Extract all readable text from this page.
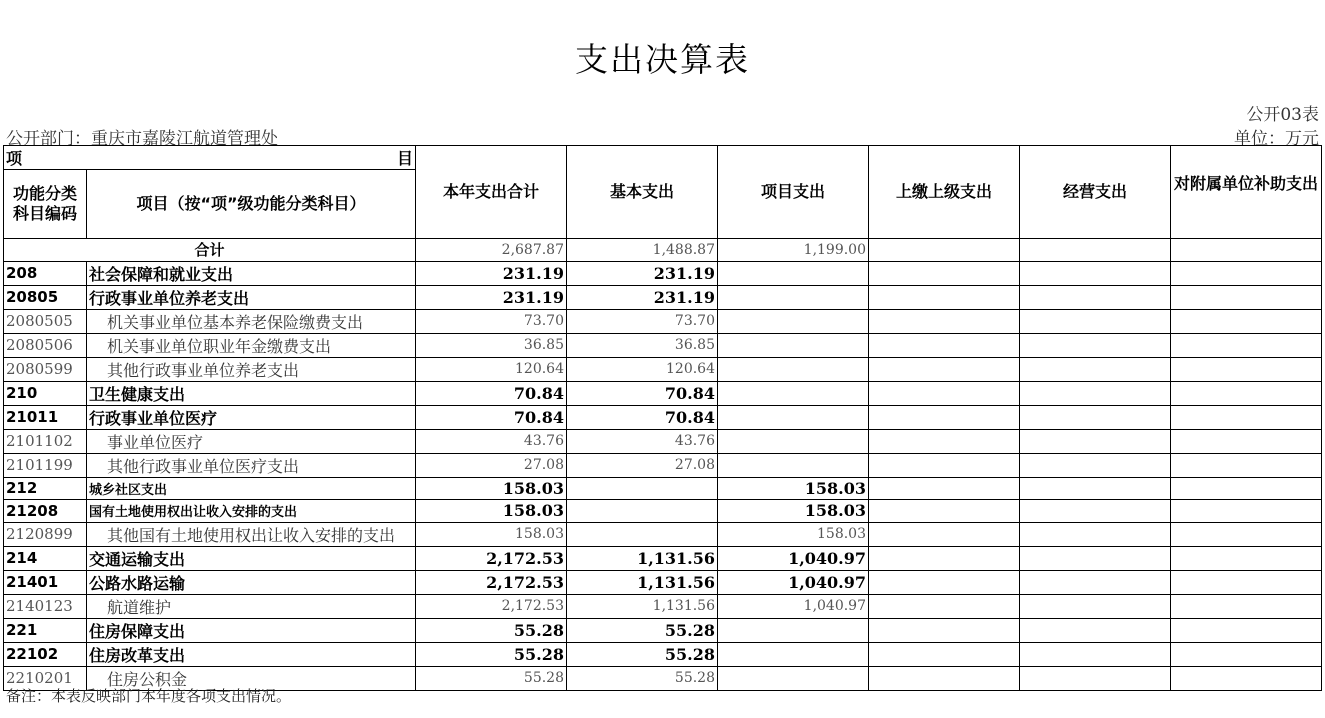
支出决算表
公开03表
公开部门：重庆市嘉陵江航道管理处	单位：万元
项 目		本年支出合计	基本支出	项目支出	上缴上级支出	经营支出	对附属单位补助支出
功能分类科目编码	项目（按“项”级功能分类科目）						
合计		2,687.87	1,488.87	1,199.00			
208	社会保障和就业支出	231.19	231.19				
20805	行政事业单位养老支出	231.19	231.19				
2080505	机关事业单位基本养老保险缴费支出	73.70	73.70				
2080506	机关事业单位职业年金缴费支出	36.85	36.85				
2080599	其他行政事业单位养老支出	120.64	120.64				
210	卫生健康支出	70.84	70.84				
21011	行政事业单位医疗	70.84	70.84				
2101102	事业单位医疗	43.76	43.76				
2101199	其他行政事业单位医疗支出	27.08	27.08				
212	城乡社区支出	158.03		158.03			
21208	国有土地使用权出让收入安排的支出	158.03		158.03			
2120899	其他国有土地使用权出让收入安排的支出	158.03		158.03			
214	交通运输支出	2,172.53	1,131.56	1,040.97			
21401	公路水路运输	2,172.53	1,131.56	1,040.97			
2140123	航道维护	2,172.53	1,131.56	1,040.97			
221	住房保障支出	55.28	55.28				
22102	住房改革支出	55.28	55.28				
2210201	住房公积金	55.28	55.28				
备注：本表反映部门本年度各项支出情况。
